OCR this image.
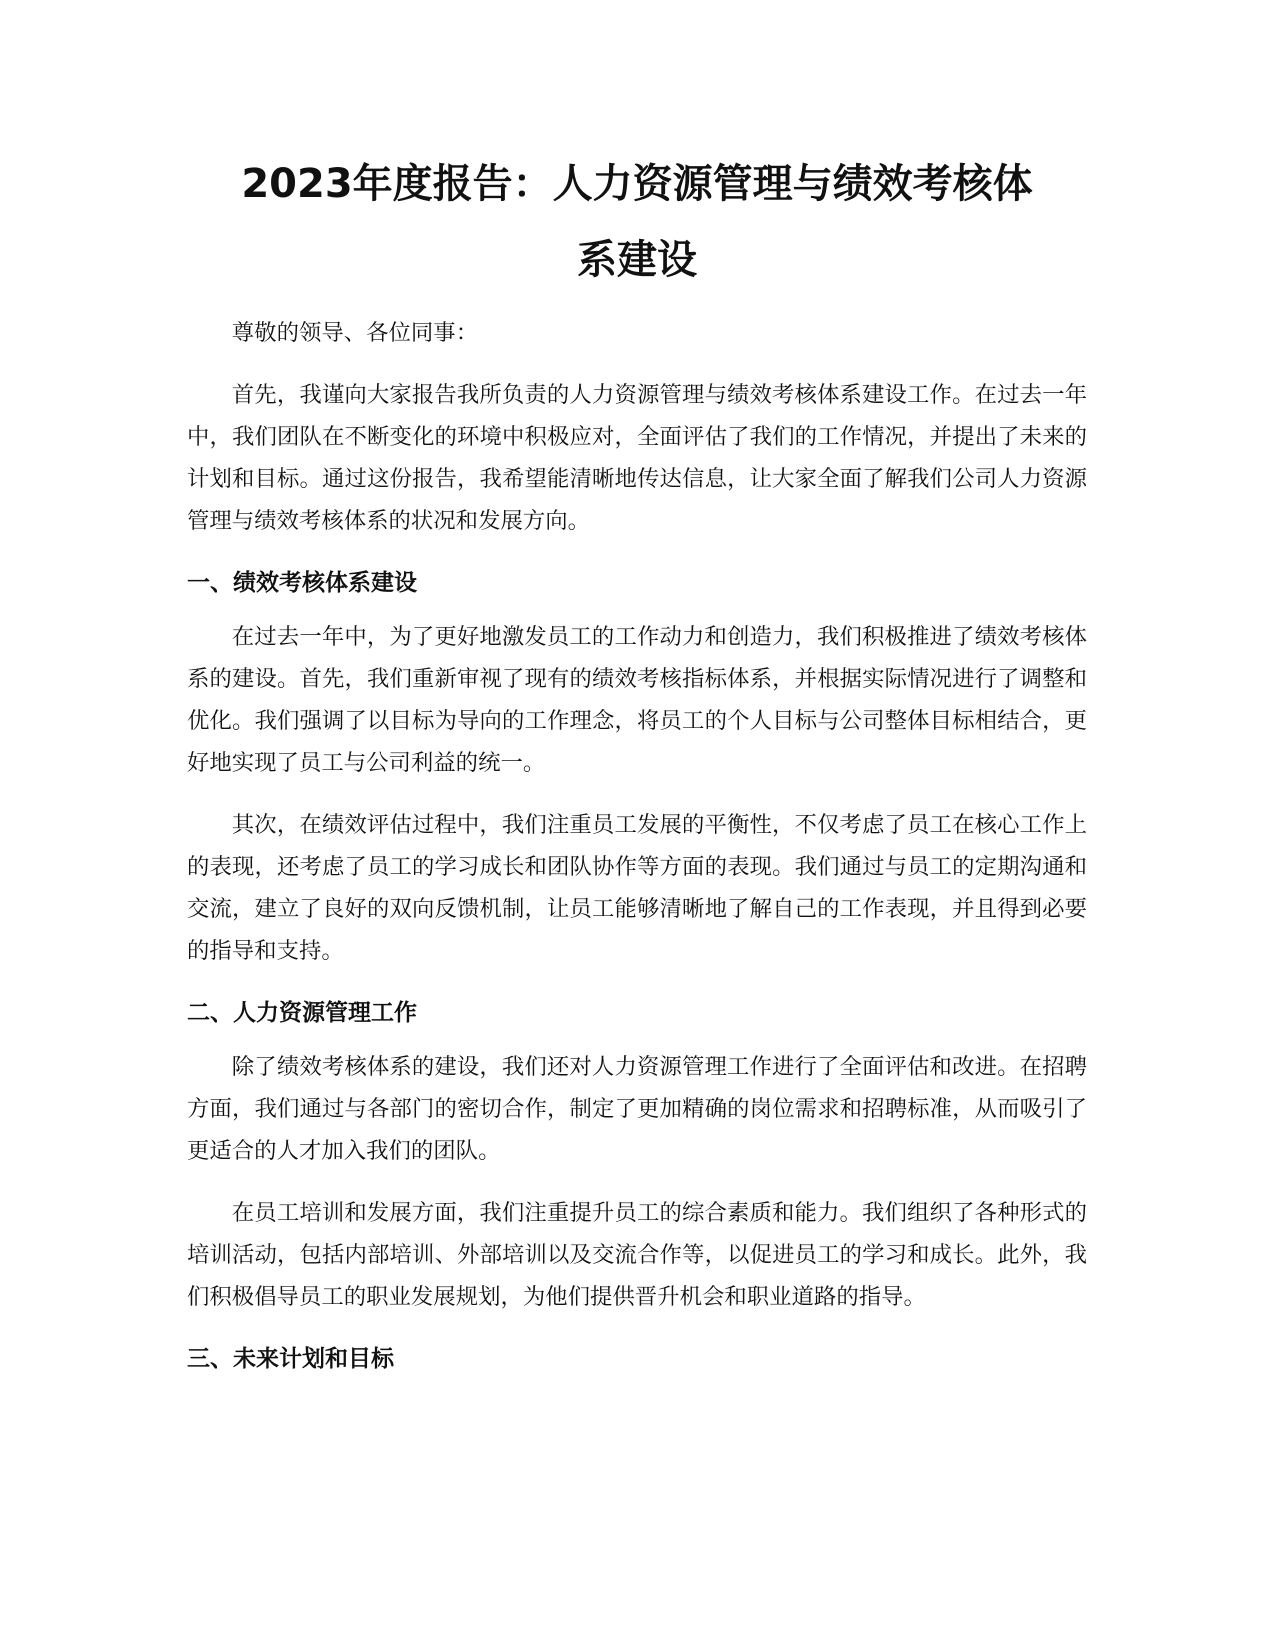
2023年度报告：人力资源管理与绩效考核体
系建设

尊敬的领导、各位同事：

首先，我谨向大家报告我所负责的人力资源管理与绩效考核体系建设工作。在过去一年中，我们团队在不断变化的环境中积极应对，全面评估了我们的工作情况，并提出了未来的计划和目标。通过这份报告，我希望能清晰地传达信息，让大家全面了解我们公司人力资源管理与绩效考核体系的状况和发展方向。

一、绩效考核体系建设

在过去一年中，为了更好地激发员工的工作动力和创造力，我们积极推进了绩效考核体系的建设。首先，我们重新审视了现有的绩效考核指标体系，并根据实际情况进行了调整和优化。我们强调了以目标为导向的工作理念，将员工的个人目标与公司整体目标相结合，更好地实现了员工与公司利益的统一。

其次，在绩效评估过程中，我们注重员工发展的平衡性，不仅考虑了员工在核心工作上的表现，还考虑了员工的学习成长和团队协作等方面的表现。我们通过与员工的定期沟通和交流，建立了良好的双向反馈机制，让员工能够清晰地了解自己的工作表现，并且得到必要的指导和支持。

二、人力资源管理工作

除了绩效考核体系的建设，我们还对人力资源管理工作进行了全面评估和改进。在招聘方面，我们通过与各部门的密切合作，制定了更加精确的岗位需求和招聘标准，从而吸引了更适合的人才加入我们的团队。

在员工培训和发展方面，我们注重提升员工的综合素质和能力。我们组织了各种形式的培训活动，包括内部培训、外部培训以及交流合作等，以促进员工的学习和成长。此外，我们积极倡导员工的职业发展规划，为他们提供晋升机会和职业道路的指导。

三、未来计划和目标
